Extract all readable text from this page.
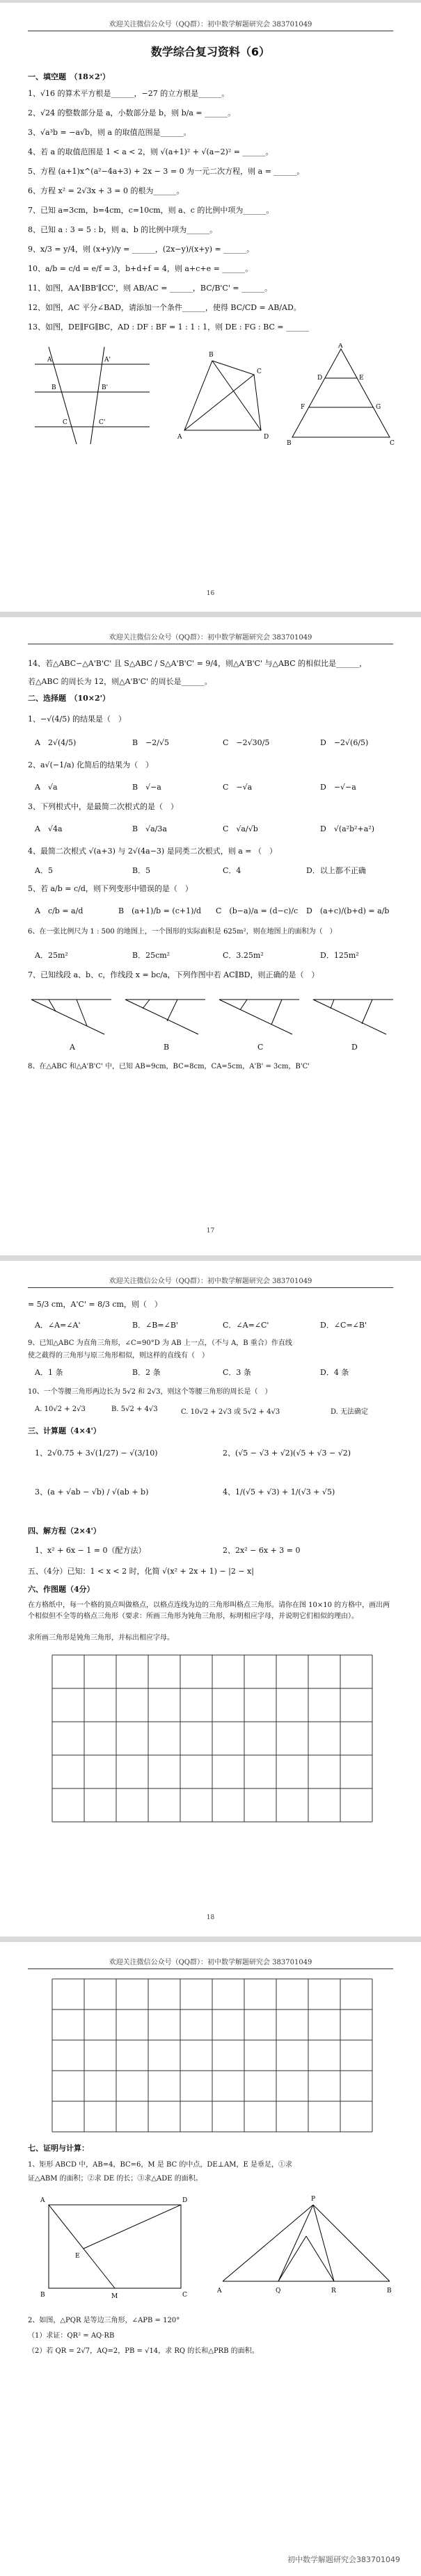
欢迎关注微信公众号（QQ群）：初中数学解题研究会 383701049
数学综合复习资料（6）
一、填空题　（18×2'）
1、√16 的算术平方根是______，−27 的立方根是______。
2、√24 的整数部分是 a，小数部分是 b，则 b/a = ______。
3、√a³b = −a√b，则 a 的取值范围是______。
4、若 a 的取值范围是 1 < a < 2，则 √(a+1)² + √(a−2)² = ______。
5、方程 (a+1)x^(a²−4a+3) + 2x − 3 = 0 为一元二次方程，则 a = ______。
6、方程 x² = 2√3x + 3 = 0 的根为______。
7、已知 a=3cm，b=4cm，c=10cm，则 a、c 的比例中项为______。
8、已知 a : 3 = 5 : b，则 a、b 的比例中项为______。
9、x/3 = y/4，则 (x+y)/y = ______，(2x−y)/(x+y) = ______。
10、a/b = c/d = e/f = 3，b+d+f = 4，则 a+c+e = ______。
11、如图，AA'∥BB'∥CC'，则 AB/AC = ______，BC/B'C' = ______。
12、如图，AC 平分∠BAD，请添加一个条件______，使得 BC/CD = AB/AD。
13、如图，DE∥FG∥BC，AD : DF : BF = 1 : 1 : 1，则 DE : FG : BC = ______
A	A'
B	B'
C	C'
A
B
C
D
A
D	E
F	G
B	C
16
欢迎关注微信公众号（QQ群）：初中数学解题研究会 383701049
14、若△ABC∽△A'B'C' 且 S△ABC / S△A'B'C' = 9/4，则△A'B'C' 与△ABC 的相似比是______，
若△ABC 的周长为 12，则△A'B'C' 的周长是______。
二、选择题　（10×2'）
1、−√(4/5) 的结果是（　）
A　2√(4/5)	B　−2/√5	C　−2√30/5	D　−2√(6/5)
2、a√(−1/a) 化简后的结果为（　）
A　√a	B　√−a	C　−√a	D　−√−a
3、下列根式中，是最简二次根式的是（　）
A　√4a	B　√a/3a	C　√a/√b	D　√(a²b²+a²)
4、最简二次根式 √(a+3) 与 2√(4a−3) 是同类二次根式，则 a = （　）
A．5	B．5	C．4	D．以上都不正确
5、若 a/b = c/d，则下列变形中错误的是（　）
A　c/b = a/d	B　(a+1)/b = (c+1)/d C　(b−a)/a = (d−c)/c D　(a+c)/(b+d) = a/b
6、在一张比例尺为 1 : 500 的地图上，一个图形的实际面积是 625m²，则在地图上的面积为（　）
A．25m²	B．25cm²	C．3.25m²	D．125m²
7、已知线段 a、b、c，作线段 x = bc/a，下列作图中若 AC∥BD，则正确的是（　）
A	B	C	D
8、在△ABC 和△A'B'C' 中，已知 AB=9cm，BC=8cm，CA=5cm，A'B' = 3cm，B'C'
17
欢迎关注微信公众号（QQ群）：初中数学解题研究会 383701049
= 5/3 cm，A'C' = 8/3 cm，则（　）
A．∠A=∠A'	B．∠B=∠B'	C．∠A=∠C'	D．∠C=∠B'
9、已知△ABC 为直角三角形，∠C=90°D 为 AB 上一点，（不与 A，B 重合）作直线
使之截得的三角形与原三角形相似，则这样的直线有（　）
A．1 条	B．2 条	C．3 条	D．4 条
10、一个等腰三角形两边长为 5√2 和 2√3，则这个等腰三角形的周长是（　）
A. 10√2 + 2√3	B. 5√2 + 4√3	C. 10√2 + 2√3 或 5√2 + 4√3	D. 无法确定
三、计算题（4×4'）
1、2√0.75 + 3√(1/27) − √(3/10)	2、(√5 − √3 + √2)(√5 + √3 − √2)
3、(a + √ab − √b) / √(ab + b)	4、1/(√5 + √3) + 1/(√3 + √5)
四、解方程（2×4'）
1、x² + 6x − 1 = 0（配方法）	2、2x² − 6x + 3 = 0
五、（4分）已知：1 < x < 2 时，化简 √(x² + 2x + 1) − |2 − x|
六、作图题（4分）
在方格纸中，每一个格的顶点叫做格点，以格点连线为边的三角形叫格点三角形。请你在图 10×10 的方格中，画出两个相似但不全等的格点三角形（要求：所画三角形为钝角三角形，标明相应字母，并说明它们相似的理由）。
求所画三角形是钝角三角形，并标出相应字母。
18
欢迎关注微信公众号（QQ群）：初中数学解题研究会 383701049
七、证明与计算：
1、矩形 ABCD 中，AB=4，BC=6，M 是 BC 的中点，DE⊥AM，E 是垂足，①求
证△ABM 的面积；②求 DE 的长；③求△ADE 的面积。
A	D
E
B	M	C
P
A	Q	R	B
2、如图，△PQR 是等边三角形，∠APB = 120°
（1）求证：QR² = AQ·RB
（2）若 QR = 2√7，AQ=2，PB = √14，求 RQ 的长和△PRB 的面积。
初中数学解题研究会383701049
